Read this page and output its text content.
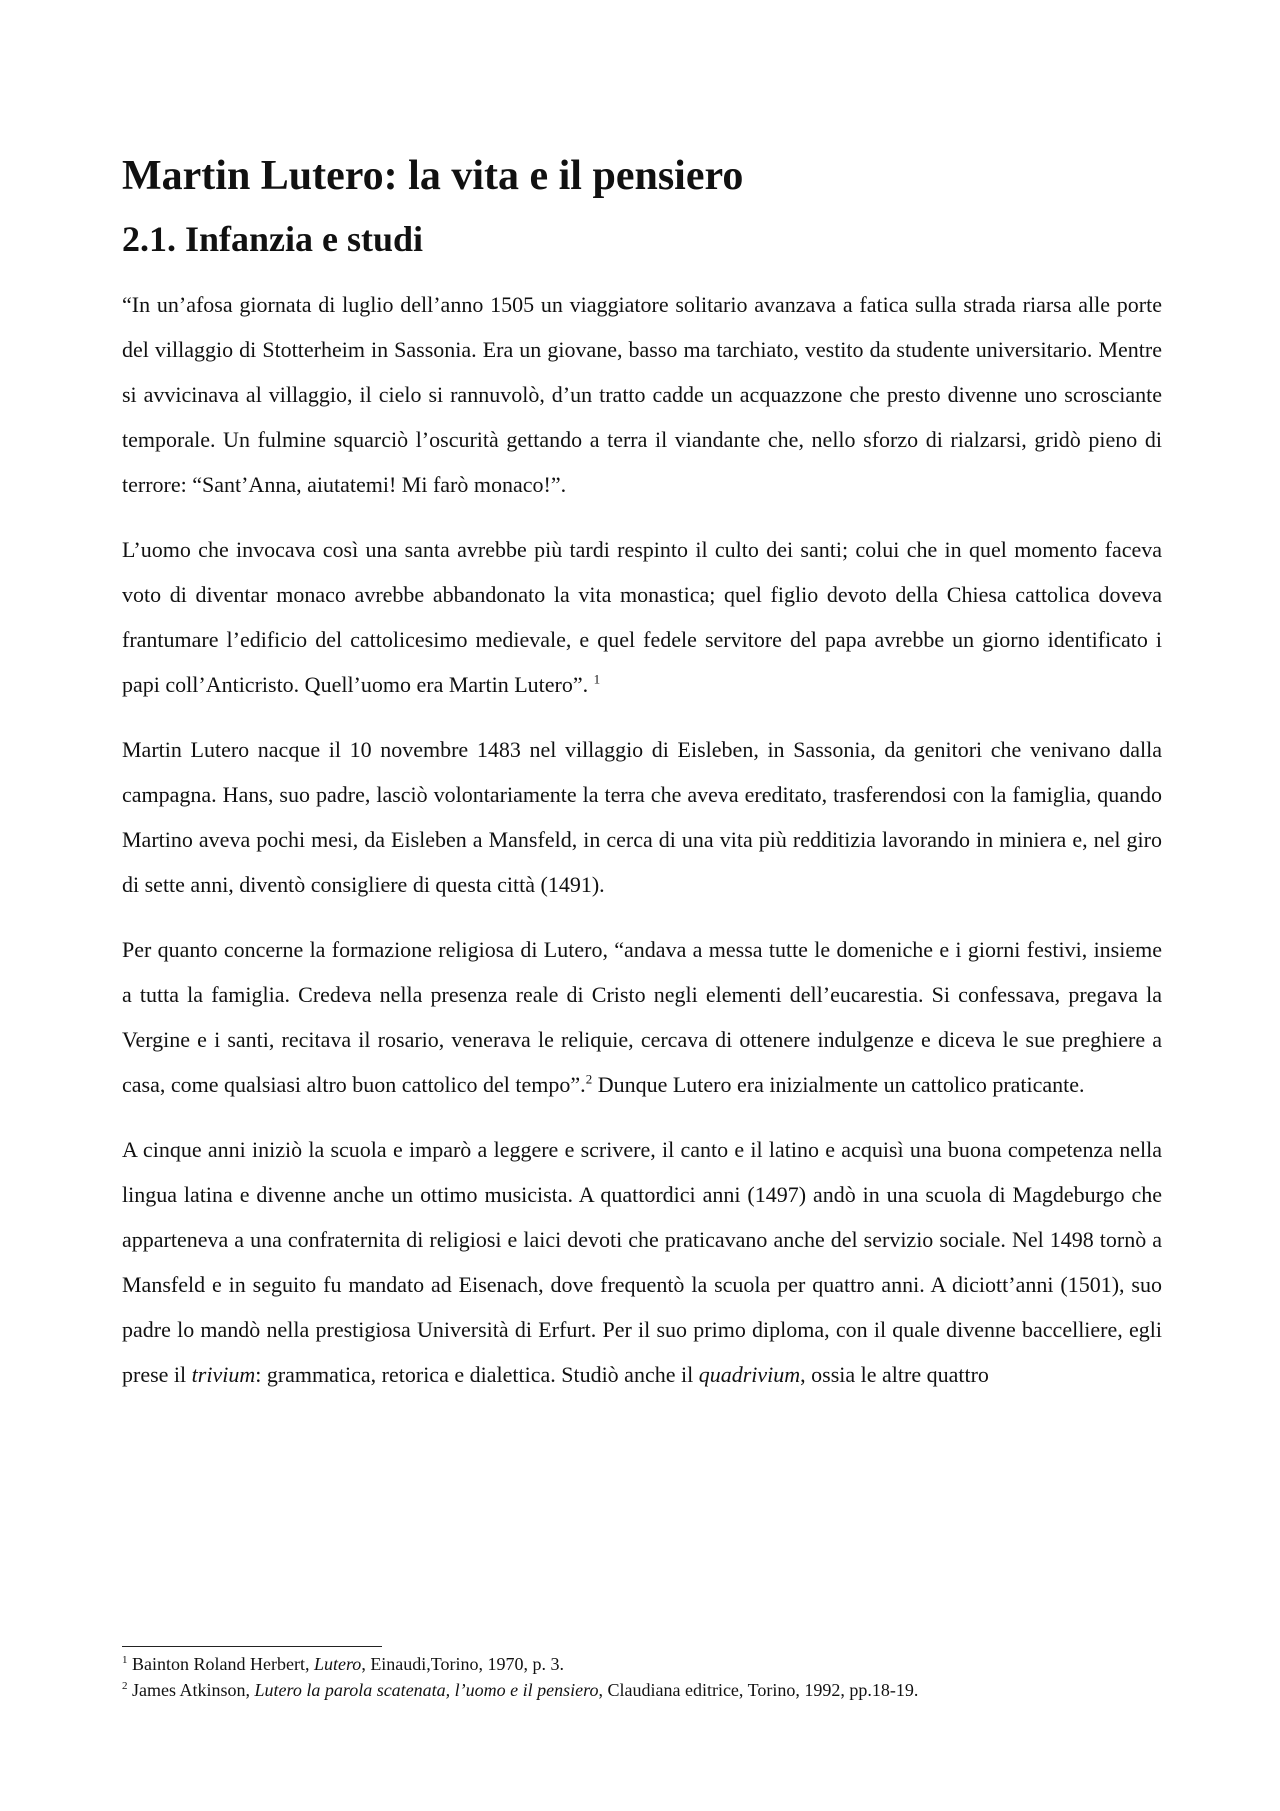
Martin Lutero: la vita e il pensiero
2.1. Infanzia e studi

“In un’afosa giornata di luglio dell’anno 1505 un viaggiatore solitario avanzava a fatica sulla strada riarsa alle porte del villaggio di Stotterheim in Sassonia. Era un giovane, basso ma tarchiato, vestito da studente universitario. Mentre si avvicinava al villaggio, il cielo si rannuvolò, d’un tratto cadde un acquazzone che presto divenne uno scrosciante temporale. Un fulmine squarciò l’oscurità gettando a terra il viandante che, nello sforzo di rialzarsi, gridò pieno di terrore: “Sant’Anna, aiutatemi! Mi farò monaco!”.

L’uomo che invocava così una santa avrebbe più tardi respinto il culto dei santi; colui che in quel momento faceva voto di diventar monaco avrebbe abbandonato la vita monastica; quel figlio devoto della Chiesa cattolica doveva frantumare l’edificio del cattolicesimo medievale, e quel fedele servitore del papa avrebbe un giorno identificato i papi coll’Anticristo. Quell’uomo era Martin Lutero”. $^1$

Martin Lutero nacque il 10 novembre 1483 nel villaggio di Eisleben, in Sassonia, da genitori che venivano dalla campagna. Hans, suo padre, lasciò volontariamente la terra che aveva ereditato, trasferendosi con la famiglia, quando Martino aveva pochi mesi, da Eisleben a Mansfeld, in cerca di una vita più redditizia lavorando in miniera e, nel giro di sette anni, diventò consigliere di questa città (1491).

Per quanto concerne la formazione religiosa di Lutero, “andava a messa tutte le domeniche e i giorni festivi, insieme a tutta la famiglia. Credeva nella presenza reale di Cristo negli elementi dell’eucarestia. Si confessava, pregava la Vergine e i santi, recitava il rosario, venerava le reliquie, cercava di ottenere indulgenze e diceva le sue preghiere a casa, come qualsiasi altro buon cattolico del tempo”.$^2$ Dunque Lutero era inizialmente un cattolico praticante.

A cinque anni iniziò la scuola e imparò a leggere e scrivere, il canto e il latino e acquisì una buona competenza nella lingua latina e divenne anche un ottimo musicista. A quattordici anni (1497) andò in una scuola di Magdeburgo che apparteneva a una confraternita di religiosi e laici devoti che praticavano anche del servizio sociale. Nel 1498 tornò a Mansfeld e in seguito fu mandato ad Eisenach, dove frequentò la scuola per quattro anni. A diciott’anni (1501), suo padre lo mandò nella prestigiosa Università di Erfurt. Per il suo primo diploma, con il quale divenne baccelliere, egli prese il trivium: grammatica, retorica e dialettica. Studiò anche il quadrivium, ossia le altre quattro

$^1$ Bainton Roland Herbert, Lutero, Einaudi,Torino, 1970, p. 3.
$^2$ James Atkinson, Lutero la parola scatenata, l’uomo e il pensiero, Claudiana editrice, Torino, 1992, pp.18-19.
